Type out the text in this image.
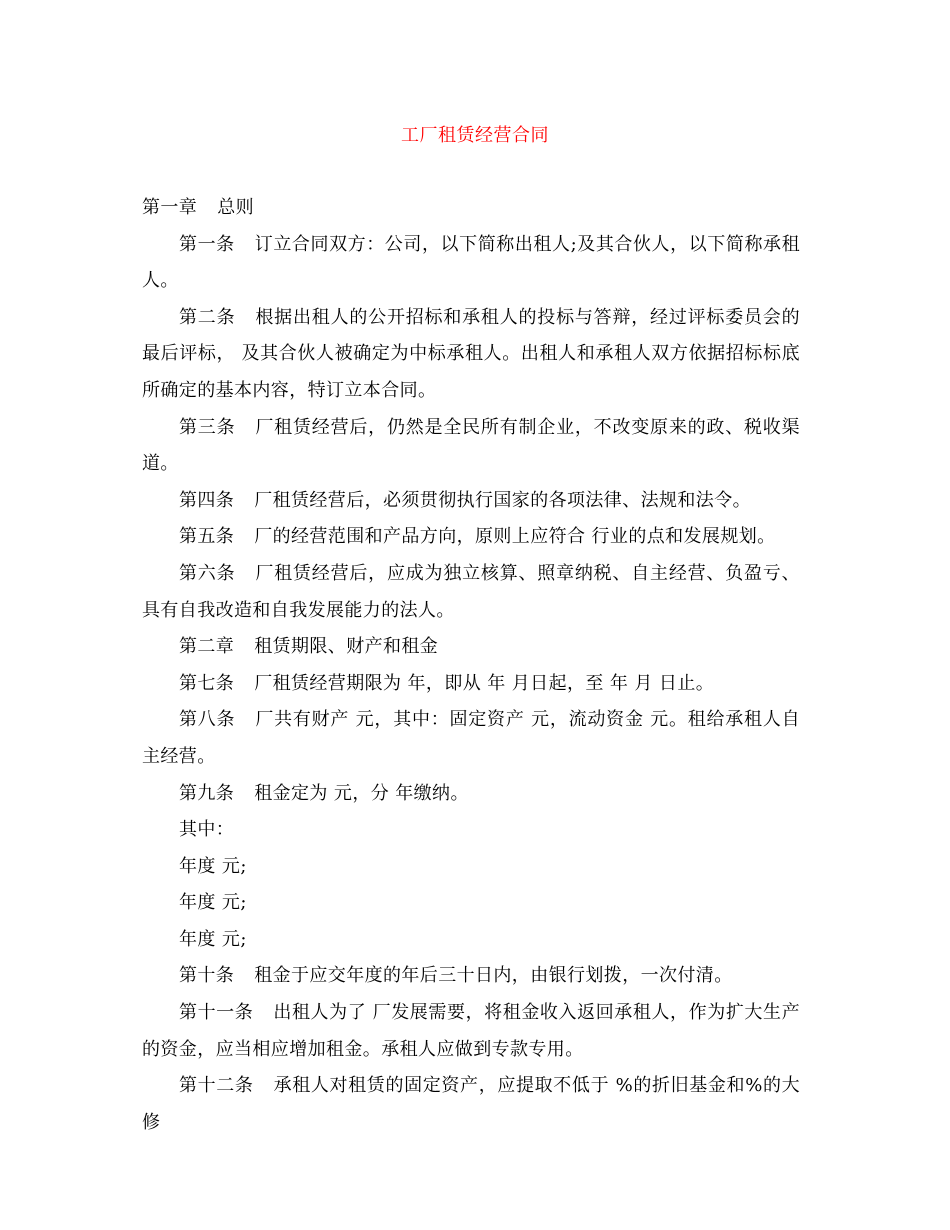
工厂租赁经营合同

第一章 总则

第一条 订立合同双方：公司，以下简称出租人;及其合伙人，以下简称承租人。

第二条 根据出租人的公开招标和承租人的投标与答辩，经过评标委员会的最后评标， 及其合伙人被确定为中标承租人。出租人和承租人双方依据招标标底所确定的基本内容，特订立本合同。

第三条 厂租赁经营后，仍然是全民所有制企业，不改变原来的政、税收渠道。

第四条 厂租赁经营后，必须贯彻执行国家的各项法律、法规和法令。

第五条 厂的经营范围和产品方向，原则上应符合 行业的点和发展规划。

第六条 厂租赁经营后，应成为独立核算、照章纳税、自主经营、负盈亏、具有自我改造和自我发展能力的法人。

第二章 租赁期限、财产和租金

第七条 厂租赁经营期限为 年，即从 年 月日起，至 年 月 日止。

第八条 厂共有财产 元，其中：固定资产 元，流动资金 元。租给承租人自主经营。

第九条 租金定为 元，分 年缴纳。

其中：

年度 元;

年度 元;

年度 元;

第十条 租金于应交年度的年后三十日内，由银行划拨，一次付清。

第十一条 出租人为了 厂发展需要，将租金收入返回承租人，作为扩大生产的资金，应当相应增加租金。承租人应做到专款专用。

第十二条 承租人对租赁的固定资产，应提取不低于 %的折旧基金和%的大修
